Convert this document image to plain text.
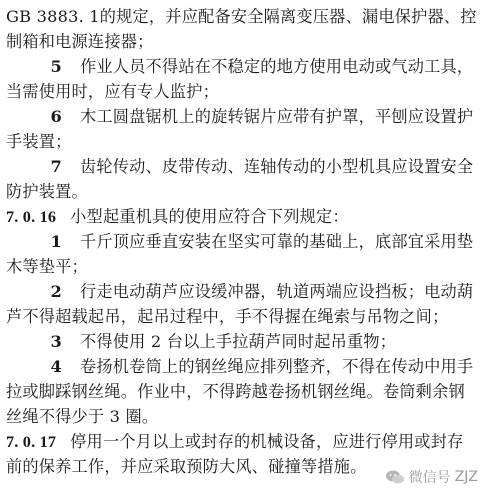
GB 3883. 1的规定，并应配备安全隔离变压器、漏电保护器、控
制箱和电源连接器；
5 作业人员不得站在不稳定的地方使用电动或气动工具，
当需使用时，应有专人监护；
6 木工圆盘锯机上的旋转锯片应带有护罩，平刨应设置护
手装置；
7 齿轮传动、皮带传动、连轴传动的小型机具应设置安全
防护装置。
7. 0. 16 小型起重机具的使用应符合下列规定：
1 千斤顶应垂直安装在坚实可靠的基础上，底部宜采用垫
木等垫平；
2 行走电动葫芦应设缓冲器，轨道两端应设挡板；电动葫
芦不得超载起吊，起吊过程中，手不得握在绳索与吊物之间；
3 不得使用 2 台以上手拉葫芦同时起吊重物；
4 卷扬机卷筒上的钢丝绳应排列整齐，不得在传动中用手
拉或脚踩钢丝绳。作业中，不得跨越卷扬机钢丝绳。卷筒剩余钢
丝绳不得少于 3 圈。
7. 0. 17 停用一个月以上或封存的机械设备，应进行停用或封存
前的保养工作，并应采取预防大风、碰撞等措施。
微信号 ZJZ
